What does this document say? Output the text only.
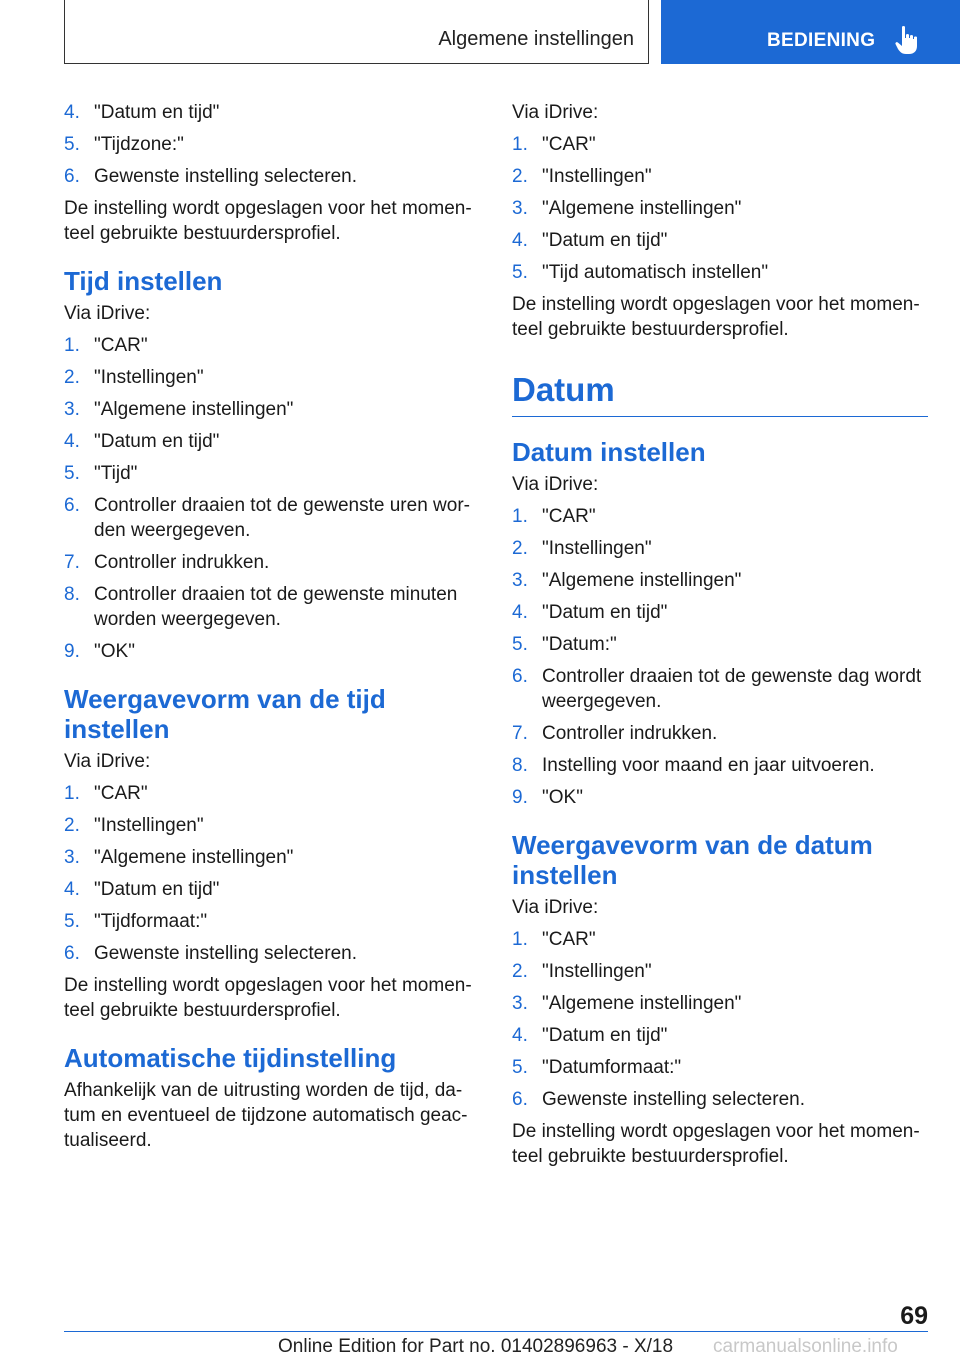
Algemene instellingen	BEDIENING
4. "Datum en tijd"
5. "Tijdzone:"
6. Gewenste instelling selecteren.

De instelling wordt opgeslagen voor het momen-teel gebruikte bestuurdersprofiel.

Tijd instellen

Via iDrive:

1. "CAR"
2. "Instellingen"
3. "Algemene instellingen"
4. "Datum en tijd"
5. "Tijd"
6. Controller draaien tot de gewenste uren wor-den weergegeven.
7. Controller indrukken.
8. Controller draaien tot de gewenste minuten worden weergegeven.
9. "OK"
Weergavevorm van de tijd instellen

Via iDrive:

1. "CAR"
2. "Instellingen"
3. "Algemene instellingen"
4. "Datum en tijd"
5. "Tijdformaat:"
6. Gewenste instelling selecteren.

De instelling wordt opgeslagen voor het momen-teel gebruikte bestuurdersprofiel.

Automatische tijdinstelling

Afhankelijk van de uitrusting worden de tijd, da-tum en eventueel de tijdzone automatisch geac-tualiseerd.

Via iDrive:

1. "CAR"
2. "Instellingen"
3. "Algemene instellingen"
4. "Datum en tijd"
5. "Tijd automatisch instellen"

De instelling wordt opgeslagen voor het momen-teel gebruikte bestuurdersprofiel.

Datum
Datum instellen

Via iDrive:

1. "CAR"
2. "Instellingen"
3. "Algemene instellingen"
4. "Datum en tijd"
5. "Datum:"
6. Controller draaien tot de gewenste dag wordt weergegeven.
7. Controller indrukken.
8. Instelling voor maand en jaar uitvoeren.
9. "OK"
Weergavevorm van de datum instellen

Via iDrive:

1. "CAR"
2. "Instellingen"
3. "Algemene instellingen"
4. "Datum en tijd"
5. "Datumformaat:"
6. Gewenste instelling selecteren.

De instelling wordt opgeslagen voor het momen-teel gebruikte bestuurdersprofiel.

69
Online Edition for Part no. 01402896963 - X/18 carmanualsonline.info
